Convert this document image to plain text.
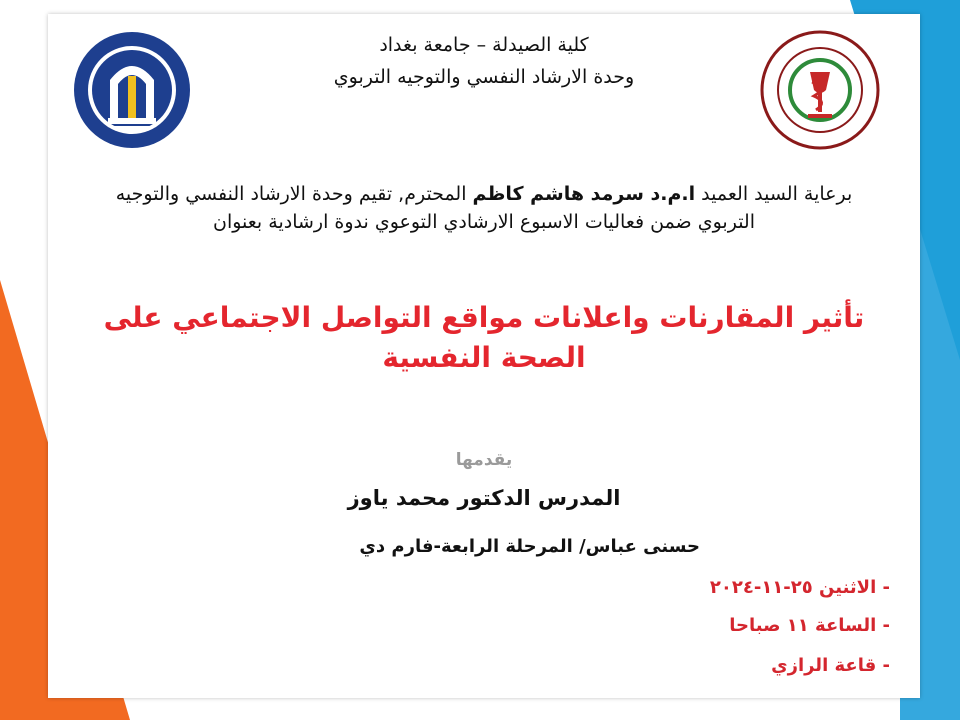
كلية الصيدلة – جامعة بغداد
وحدة الارشاد النفسي والتوجيه التربوي
برعاية السيد العميد ا.م.د سرمد هاشم كاظم المحترم, تقيم وحدة الارشاد النفسي والتوجيه التربوي ضمن فعاليات الاسبوع الارشادي التوعوي ندوة ارشادية بعنوان
تأثير المقارنات واعلانات مواقع التواصل الاجتماعي على الصحة النفسية
يقدمها
المدرس الدكتور محمد ياوز
حسنى عباس/ المرحلة الرابعة-فارم دي
- الاثنين ٢٥-١١-٢٠٢٤
- الساعة ١١ صباحا
- قاعة الرازي
